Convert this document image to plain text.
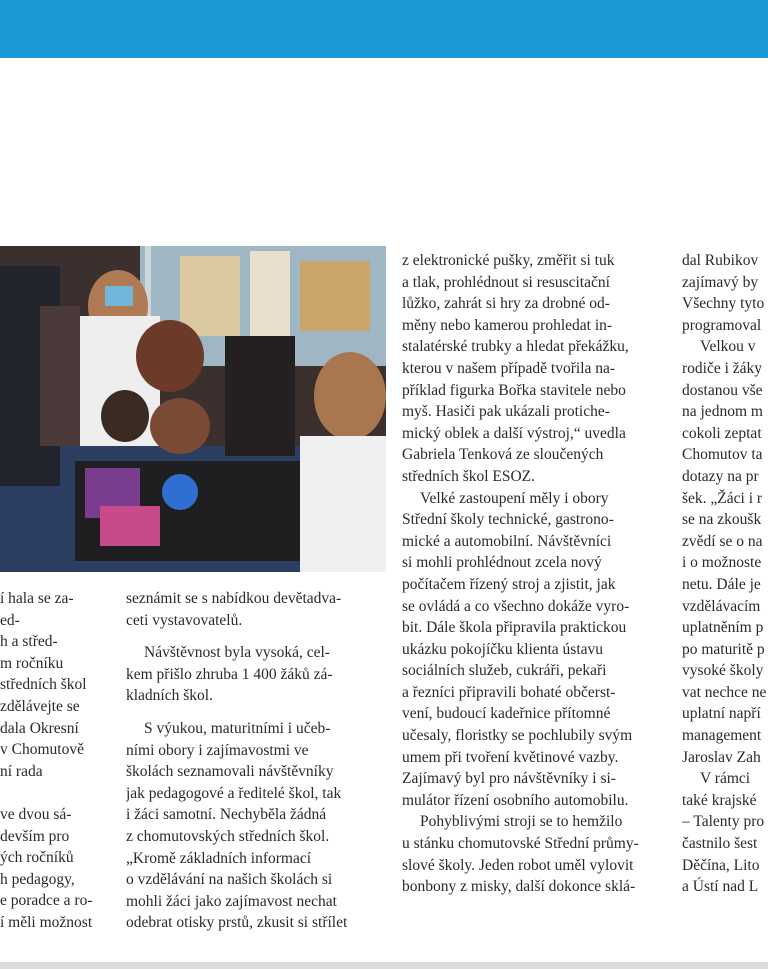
í hala se za-
ed-
h a střed-
m ročníku
středních škol
zdělávejte se
dala Okresní
v Chomutově
ní rada
ve dvou sá-
devším pro
ých ročníků
h pedagogy,
e poradce a ro-
í měli možnost
seznámit se s nabídkou devětadva-
ceti vystavovatelů.
Návštěvnost byla vysoká, cel-
kem přišlo zhruba 1 400 žáků zá-
kladních škol.
S výukou, maturitními i učeb-
ními obory i zajímavostmi ve
školách seznamovali návštěvníky
jak pedagogové a ředitelé škol, tak
i žáci samotní. Nechyběla žádná
z chomutovských středních škol.
„Kromě základních informací
o vzdělávání na našich školách si
mohli žáci jako zajímavost nechat
odebrat otisky prstů, zkusit si střílet
z elektronické pušky, změřit si tuk
a tlak, prohlédnout si resuscitační
lůžko, zahrát si hry za drobné od-
měny nebo kamerou prohledat in-
stalatérské trubky a hledat překážku,
kterou v našem případě tvořila na-
příklad figurka Bořka stavitele nebo
myš. Hasiči pak ukázali protiche-
mický oblek a další výstroj,“ uvedla
Gabriela Tenková ze sloučených
středních škol ESOZ.
Velké zastoupení měly i obory
Střední školy technické, gastrono-
mické a automobilní. Návštěvníci
si mohli prohlédnout zcela nový
počítačem řízený stroj a zjistit, jak
se ovládá a co všechno dokáže vyro-
bit. Dále škola připravila praktickou
ukázku pokojíčku klienta ústavu
sociálních služeb, cukráři, pekaři
a řezníci připravili bohaté občerst-
vení, budoucí kadeřnice přítomné
učesaly, floristky se pochlubily svým
umem při tvoření květinové vazby.
Zajímavý byl pro návštěvníky i si-
mulátor řízení osobního automobilu.
Pohyblivými stroji se to hemžilo
u stánku chomutovské Střední průmy-
slové školy. Jeden robot uměl vylovit
bonbony z misky, další dokonce sklá-
dal Rubikov
zajímavý by
Všechny tyto
programoval
Velkou v
rodiče i žáky
dostanou vše
na jednom m
cokoli zeptat
Chomutov ta
dotazy na pr
šek. „Žáci i r
se na zkoušk
zvědí se o na
i o možnoste
netu. Dále je
vzdělávacím
uplatněním p
po maturitě p
vysoké školy
vat nechce ne
uplatní napří
management
Jaroslav Zah
V rámci
také krajské
– Talenty pro
častnilo šest
Děčína, Lito
a Ústí nad L
